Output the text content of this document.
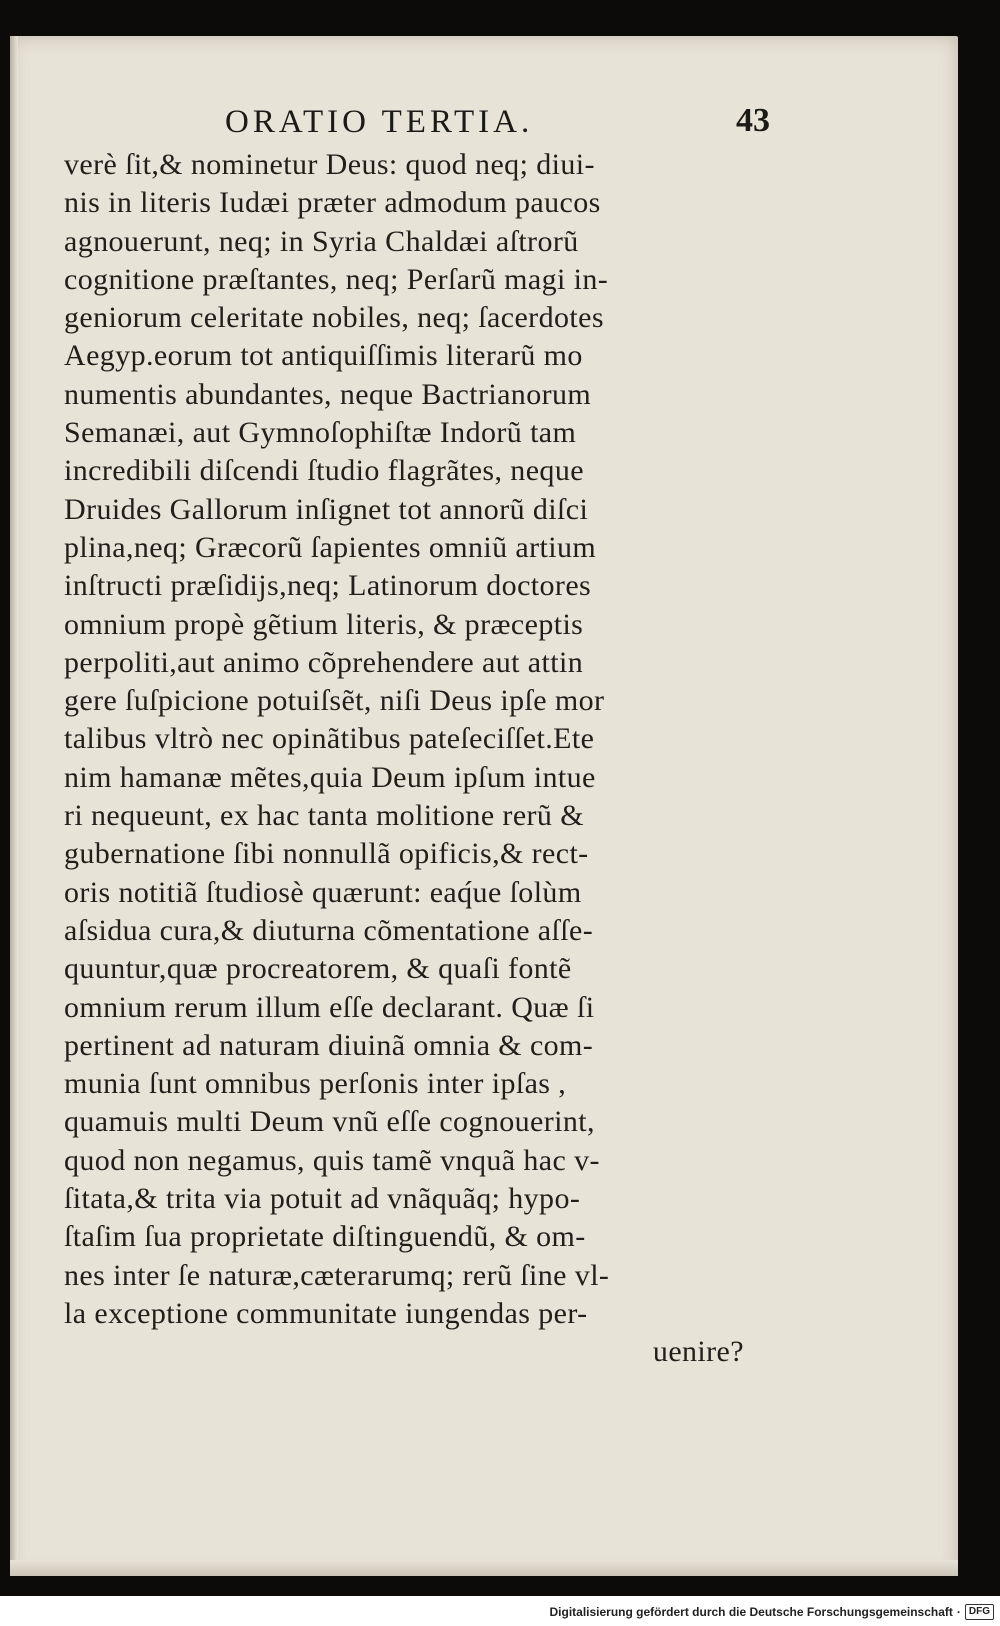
ORATIO TERTIA.	43
verè ſit,& nominetur Deus: quod neq; diui-
nis in literis Iudæi præter admodum paucos
agnouerunt, neq; in Syria Chaldæi aſtrorũ
cognitione præſtantes, neq; Perſarũ magi in-
geniorum celeritate nobiles, neq; ſacerdotes
Aegyp.eorum tot antiquiſſimis literarũ mo
numentis abundantes, neque Bactrianorum
Semanæi, aut Gymnoſophiſtæ Indorũ tam
incredibili diſcendi ſtudio flagrãtes, neque
Druides Gallorum inſignet tot annorũ diſci
plina,neq; Græcorũ ſapientes omniũ artium
inſtructi præſidijs,neq; Latinorum doctores
omnium propè gẽtium literis, & præceptis
perpoliti,aut animo cõprehendere aut attin
gere ſuſpicione potuiſsẽt, niſi Deus ipſe mor
talibus vltrò nec opinãtibus pateſeciſſet.Ete
nim hamanæ mẽtes,quia Deum ipſum intue
ri nequeunt, ex hac tanta molitione rerũ &
gubernatione ſibi nonnullã opificis,& rect-
oris notitiã ſtudiosè quærunt: eaq́ue ſolùm
aſsidua cura,& diuturna cõmentatione aſſe-
quuntur,quæ procreatorem, & quaſi fontẽ
omnium rerum illum eſſe declarant. Quæ ſi
pertinent ad naturam diuinã omnia & com-
munia ſunt omnibus perſonis inter ipſas ,
quamuis multi Deum vnũ eſſe cognouerint,
quod non negamus, quis tamẽ vnquã hac v-
ſitata,& trita via potuit ad vnãquãq; hypo-
ſtaſim ſua proprietate diſtinguendũ, & om-
nes inter ſe naturæ,cæterarumq; rerũ ſine vl-
la exceptione communitate iungendas per-
uenire?
Digitalisierung gefördert durch die Deutsche Forschungsgemeinschaft · DFG
